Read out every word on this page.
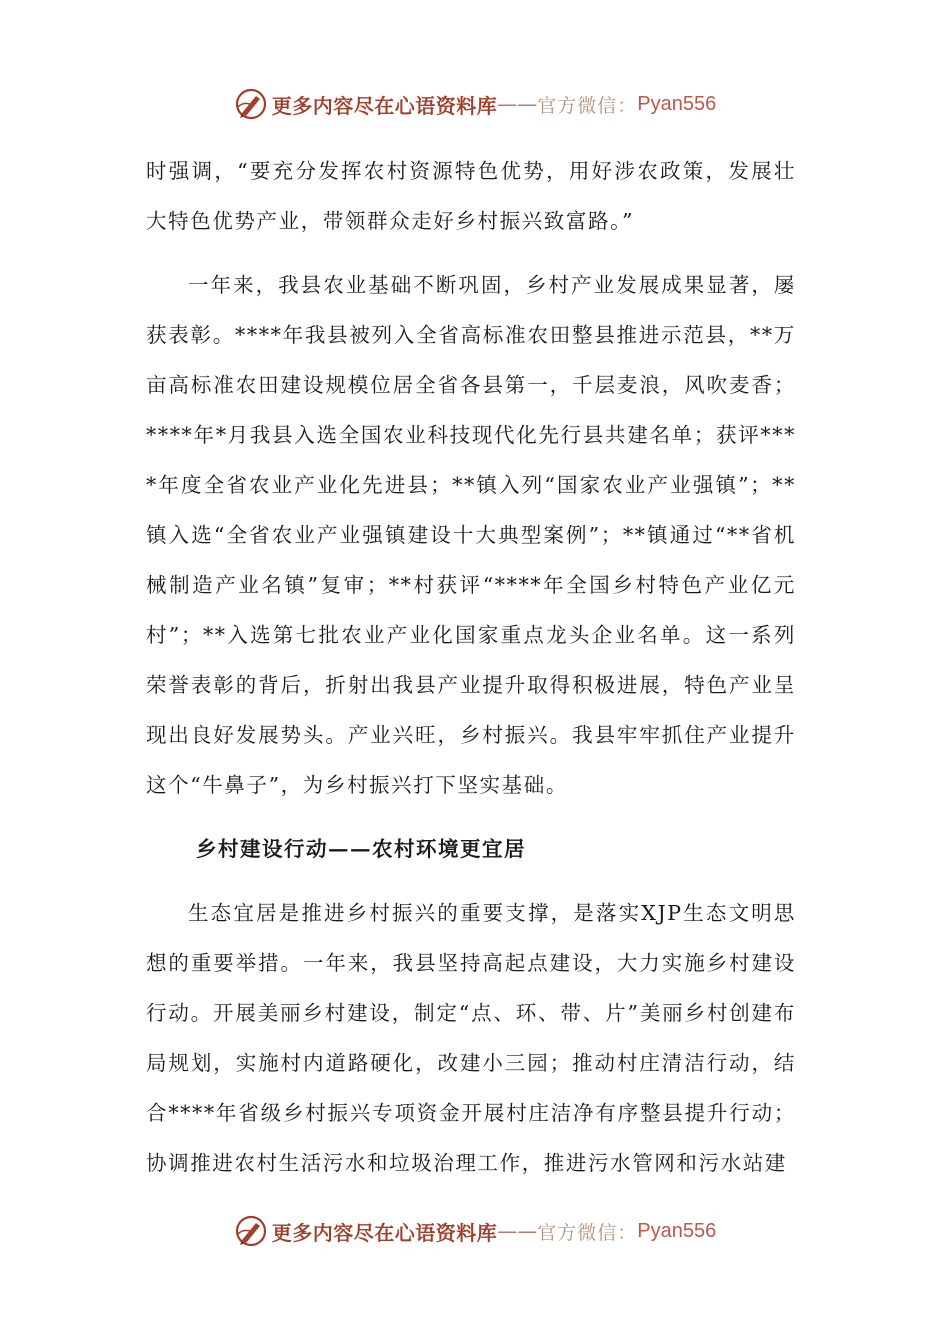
更多内容尽在心语资料库 —— 官方微信： Pyan556

时强调，“要充分发挥农村资源特色优势，用好涉农政策，发展壮大特色优势产业，带领群众走好乡村振兴致富路。”

一年来，我县农业基础不断巩固，乡村产业发展成果显著，屡获表彰。****年我县被列入全省高标准农田整县推进示范县，**万亩高标准农田建设规模位居全省各县第一，千层麦浪，风吹麦香；****年*月我县入选全国农业科技现代化先行县共建名单；获评****年度全省农业产业化先进县；**镇入列“国家农业产业强镇”；**镇入选“全省农业产业强镇建设十大典型案例”；**镇通过“**省机械制造产业名镇”复审；**村获评“****年全国乡村特色产业亿元村”；**入选第七批农业产业化国家重点龙头企业名单。这一系列荣誉表彰的背后，折射出我县产业提升取得积极进展，特色产业呈现出良好发展势头。产业兴旺，乡村振兴。我县牢牢抓住产业提升这个“牛鼻子”，为乡村振兴打下坚实基础。

乡村建设行动——农村环境更宜居

生态宜居是推进乡村振兴的重要支撑，是落实XJP生态文明思想的重要举措。一年来，我县坚持高起点建设，大力实施乡村建设行动。开展美丽乡村建设，制定“点、环、带、片”美丽乡村创建布局规划，实施村内道路硬化，改建小三园；推动村庄清洁行动，结合****年省级乡村振兴专项资金开展村庄洁净有序整县提升行动；协调推进农村生活污水和垃圾治理工作，推进污水管网和污水站建

更多内容尽在心语资料库 —— 官方微信： Pyan556
